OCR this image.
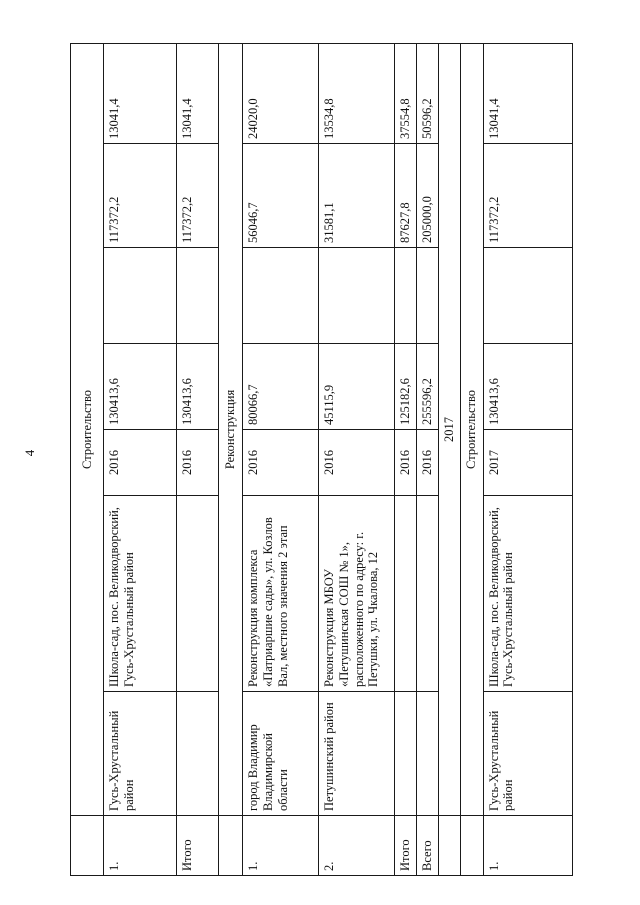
4
		Строительство						
1.	Гусь-Хрустальный район	Школа-сад, пос. Великодворский, Гусь-Хрустальный район	2016	130413,6		117372,2	13041,4
Итого			2016	130413,6		117372,2	13041,4
	Реконструкция						
1.	город Владимир Владимирской области	Реконструкция комплекса «Патриаршие сады», ул. Козлов Вал, местного значения 2 этап	2016	80066,7		56046,7	24020,0
2.	Петушинский район	Реконструкция МБОУ «Петушинская СОШ № 1», расположенного по адресу: г. Петушки, ул. Чкалова, 12	2016	45115,9		31581,1	13534,8
Итого			2016	125182,6		87627,8	37554,8
Всего			2016	255596,2		205000,0	50596,2
	2017						
	Строительство						
1.	Гусь-Хрустальный район	Школа-сад, пос. Великодворский, Гусь-Хрустальный район	2017	130413,6		117372,2	13041,4
